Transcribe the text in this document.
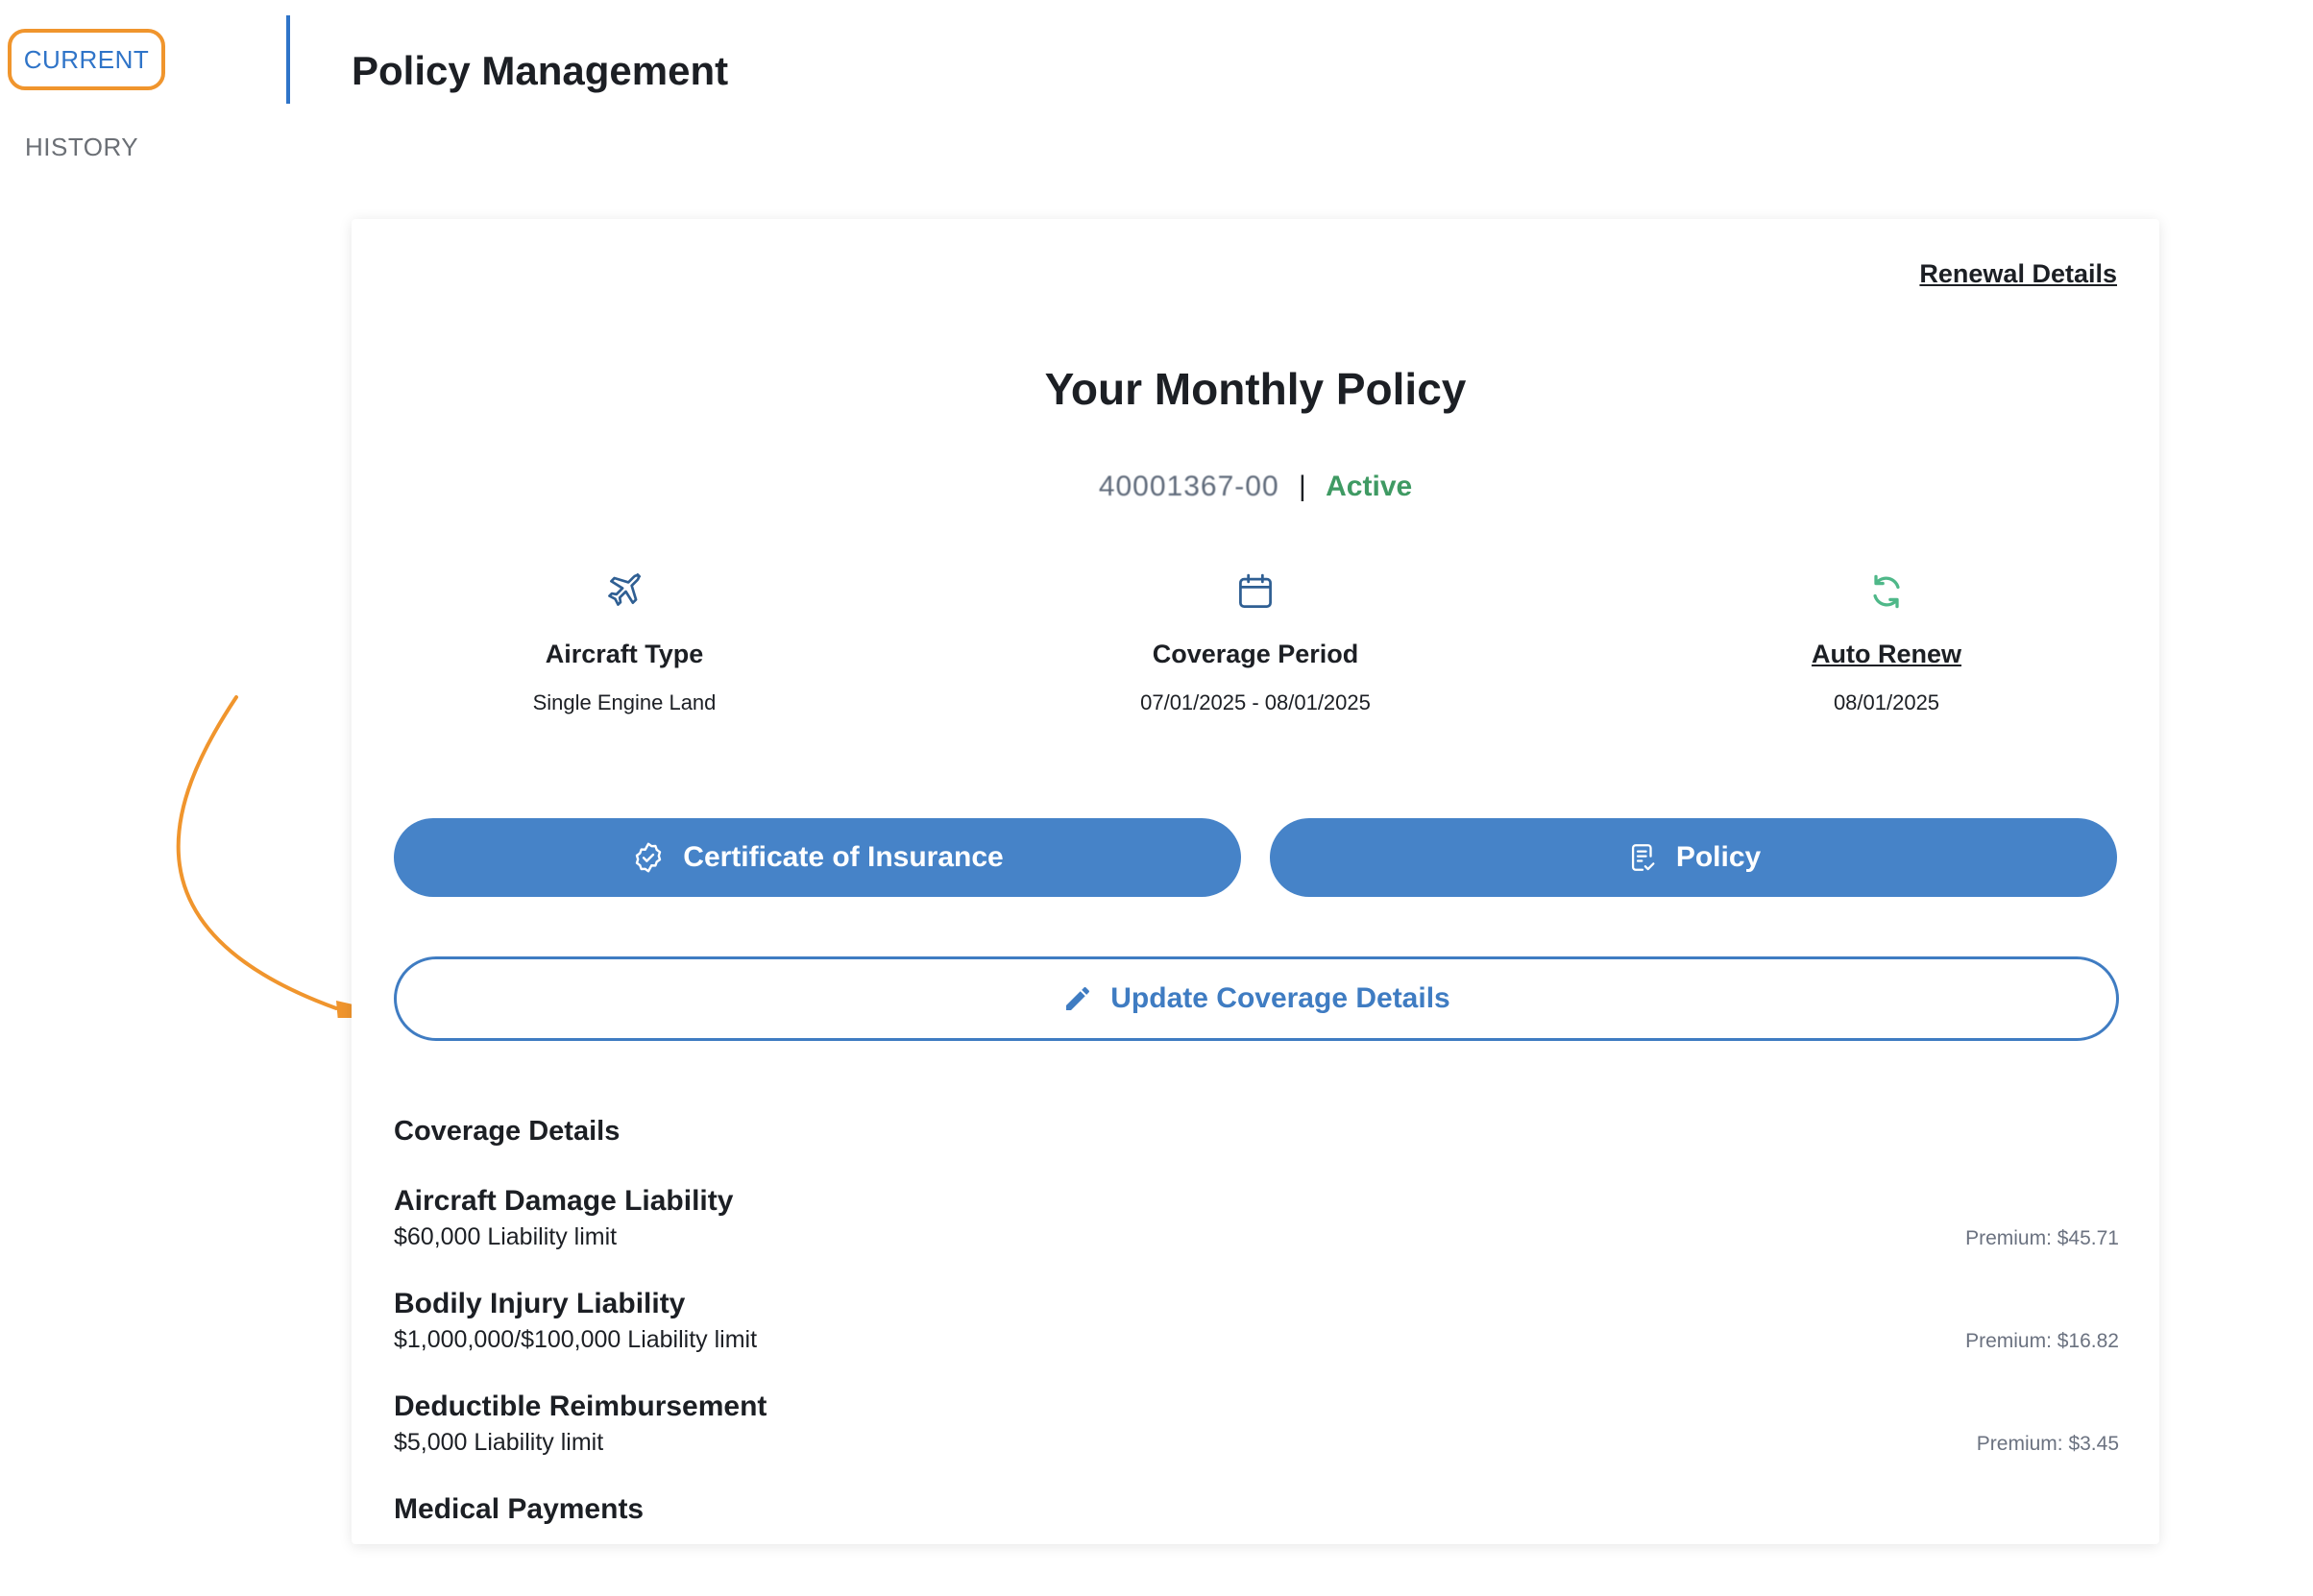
CURRENT
HISTORY
Policy Management
Renewal Details
Your Monthly Policy
40001367-00 | Active
Aircraft Type
Single Engine Land
Coverage Period
07/01/2025 - 08/01/2025
Auto Renew
08/01/2025
Certificate of Insurance	Policy
Update Coverage Details
Coverage Details
Aircraft Damage Liability
$60,000 Liability limit	Premium: $45.71
Bodily Injury Liability
$1,000,000/$100,000 Liability limit	Premium: $16.82
Deductible Reimbursement
$5,000 Liability limit	Premium: $3.45
Medical Payments
